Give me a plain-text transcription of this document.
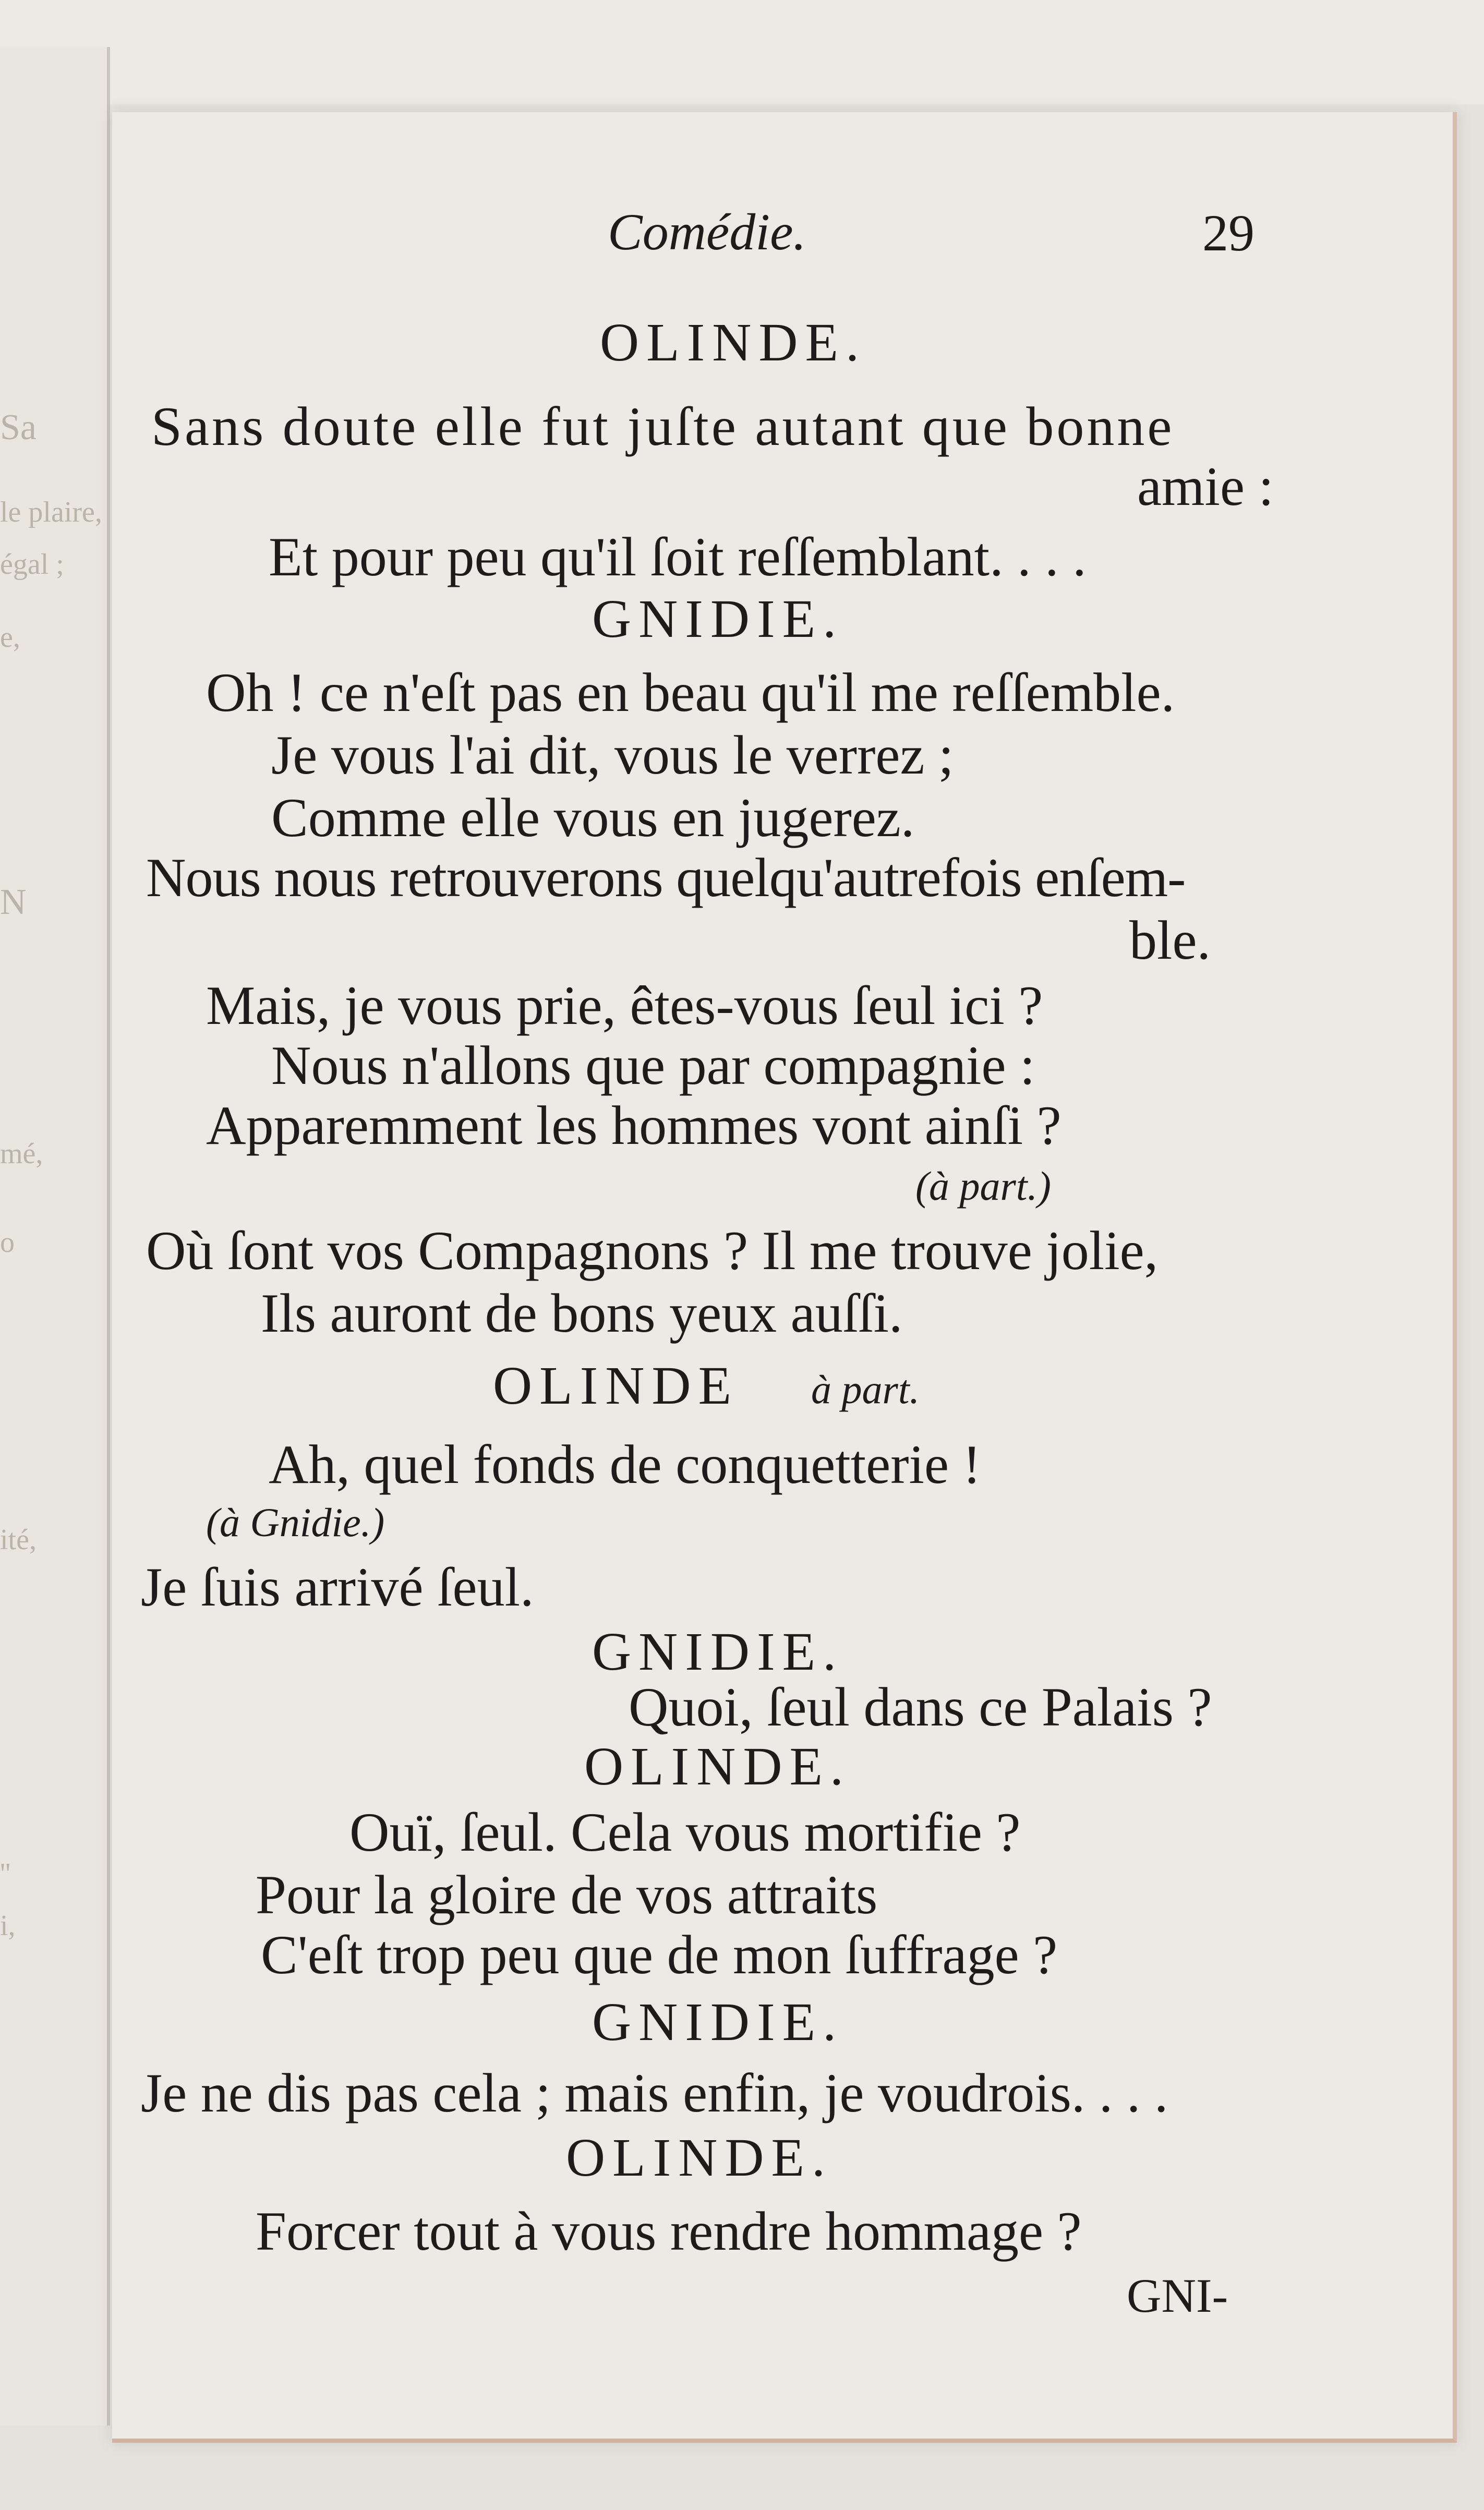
Sa
le plaire,
égal ;
e,
N
mé,
o
ité,
''
i,
Comédie.	29
OLINDE.
Sans doute elle fut juſte autant que bonne
amie :
Et pour peu qu'il ſoit reſſemblant. . . .
GNIDIE.
Oh ! ce n'eſt pas en beau qu'il me reſſemble.
Je vous l'ai dit, vous le verrez ;
Comme elle vous en jugerez.
Nous nous retrouverons quelqu'autrefois enſem-
ble.
Mais, je vous prie, êtes-vous ſeul ici ?
Nous n'allons que par compagnie :
Apparemment les hommes vont ainſi ?
(à part.)
Où ſont vos Compagnons ? Il me trouve jolie,
Ils auront de bons yeux auſſi.
OLINDE à part.
Ah, quel fonds de conquetterie !
(à Gnidie.)
Je ſuis arrivé ſeul.
GNIDIE.
Quoi, ſeul dans ce Palais ?
OLINDE.
Ouï, ſeul. Cela vous mortifie ?
Pour la gloire de vos attraits
C'eſt trop peu que de mon ſuffrage ?
GNIDIE.
Je ne dis pas cela ; mais enfin, je voudrois. . . .
OLINDE.
Forcer tout à vous rendre hommage ?
GNI-
